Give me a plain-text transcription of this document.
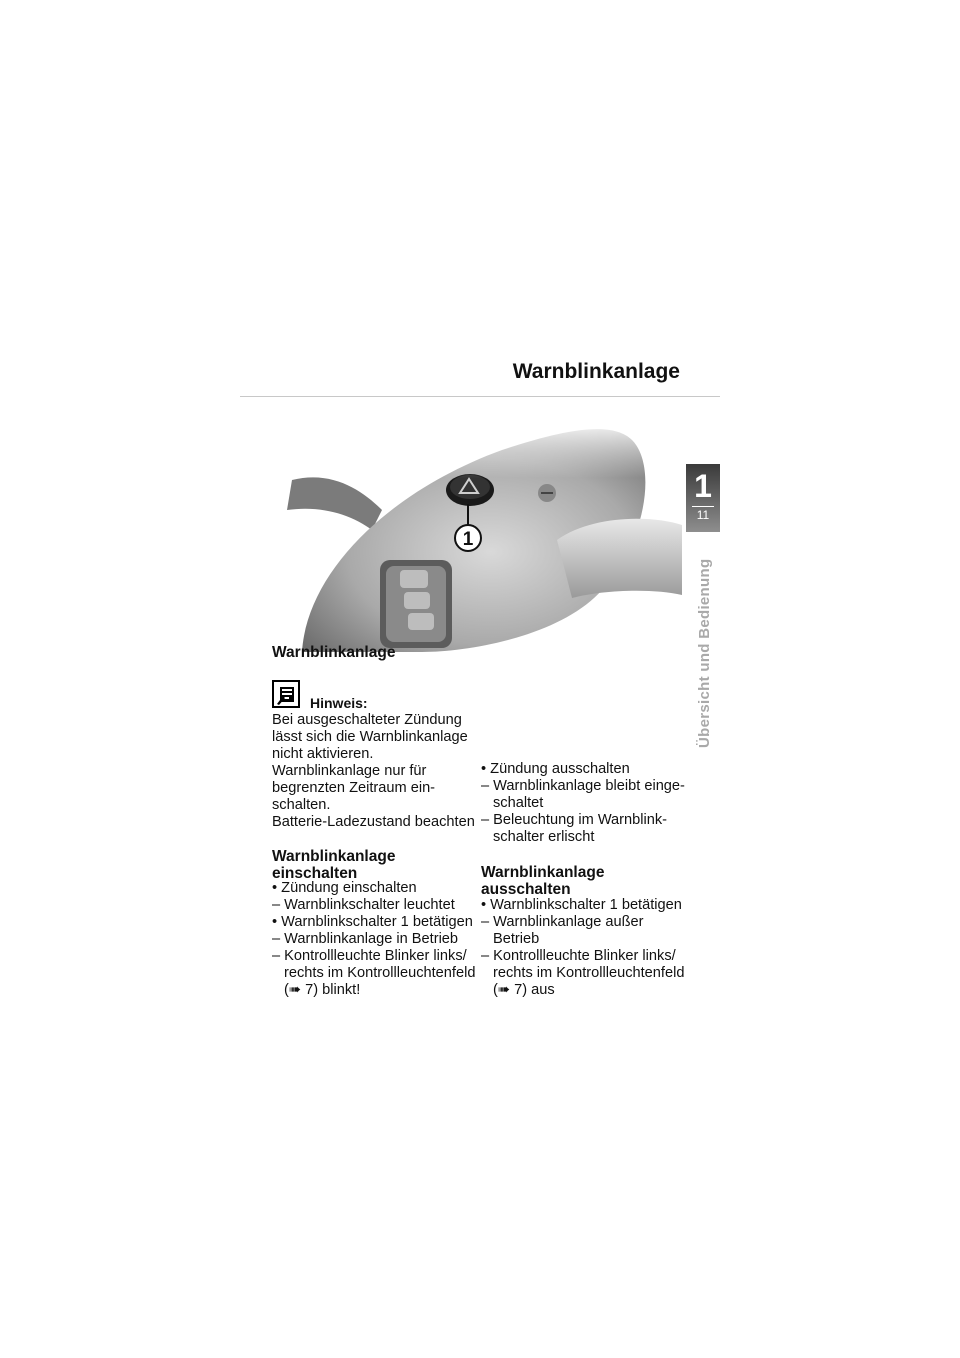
Warnblinkanlage
1
11
Übersicht und Bedienung
Warnblinkanlage
Hinweis:
Bei ausgeschalteter Zündung
lässt sich die Warnblinkanlage
nicht aktivieren.
Warnblinkanlage nur für
begrenzten Zeitraum ein-
schalten.
Batterie-Ladezustand beachten
Warnblinkanlage
einschalten
• Zündung einschalten
– Warnblinkschalter leuchtet
• Warnblinkschalter 1 betätigen
– Warnblinkanlage in Betrieb
– Kontrollleuchte Blinker links/
rechts im Kontrollleuchtenfeld
(➠ 7) blinkt!
• Zündung ausschalten
– Warnblinkanlage bleibt einge-
schaltet
– Beleuchtung im Warnblink-
schalter erlischt
Warnblinkanlage
ausschalten
• Warnblinkschalter 1 betätigen
– Warnblinkanlage außer
Betrieb
– Kontrollleuchte Blinker links/
rechts im Kontrollleuchtenfeld
(➠ 7) aus
